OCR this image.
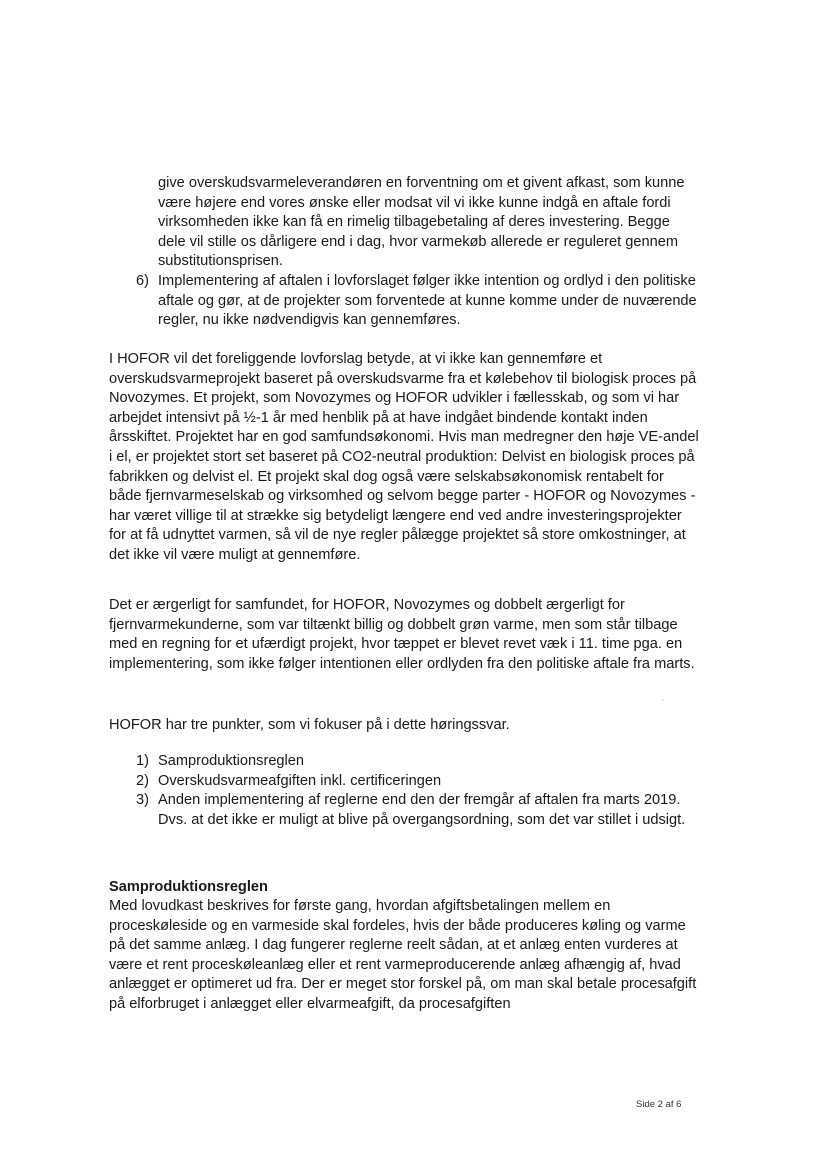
give overskudsvarmeleverandøren en forventning om et givent afkast, som kunne være højere end vores ønske eller modsat vil vi ikke kunne indgå en aftale fordi virksomheden ikke kan få en rimelig tilbagebetaling af deres investering. Begge dele vil stille os dårligere end i dag, hvor varmekøb allerede er reguleret gennem substitutionsprisen.
6) Implementering af aftalen i lovforslaget følger ikke intention og ordlyd i den politiske aftale og gør, at de projekter som forventede at kunne komme under de nuværende regler, nu ikke nødvendigvis kan gennemføres.
I HOFOR vil det foreliggende lovforslag betyde, at vi ikke kan gennemføre et overskudsvarmeprojekt baseret på overskudsvarme fra et kølebehov til biologisk proces på Novozymes. Et projekt, som Novozymes og HOFOR udvikler i fællesskab, og som vi har arbejdet intensivt på ½-1 år med henblik på at have indgået bindende kontakt inden årsskiftet. Projektet har en god samfundsøkonomi. Hvis man medregner den høje VE-andel i el, er projektet stort set baseret på CO2-neutral produktion: Delvist en biologisk proces på fabrikken og delvist el. Et projekt skal dog også være selskabsøkonomisk rentabelt for både fjernvarmeselskab og virksomhed og selvom begge parter - HOFOR og Novozymes - har været villige til at strække sig betydeligt længere end ved andre investeringsprojekter for at få udnyttet varmen, så vil de nye regler pålægge projektet så store omkostninger, at det ikke vil være muligt at gennemføre.
Det er ærgerligt for samfundet, for HOFOR, Novozymes og dobbelt ærgerligt for fjernvarmekunderne, som var tiltænkt billig og dobbelt grøn varme, men som står tilbage med en regning for et ufærdigt projekt, hvor tæppet er blevet revet væk i 11. time pga. en implementering, som ikke følger intentionen eller ordlyden fra den politiske aftale fra marts.
HOFOR har tre punkter, som vi fokuser på i dette høringssvar.
1) Samproduktionsreglen
2) Overskudsvarmeafgiften inkl. certificeringen
3) Anden implementering af reglerne end den der fremgår af aftalen fra marts 2019. Dvs. at det ikke er muligt at blive på overgangsordning, som det var stillet i udsigt.
Samproduktionsreglen
Med lovudkast beskrives for første gang, hvordan afgiftsbetalingen mellem en proceskøleside og en varmeside skal fordeles, hvis der både produceres køling og varme på det samme anlæg. I dag fungerer reglerne reelt sådan, at et anlæg enten vurderes at være et rent proceskøleanlæg eller et rent varmeproducerende anlæg afhængig af, hvad anlægget er optimeret ud fra. Der er meget stor forskel på, om man skal betale procesafgift på elforbruget i anlægget eller elvarmeafgift, da procesafgiften
Side 2 af 6
